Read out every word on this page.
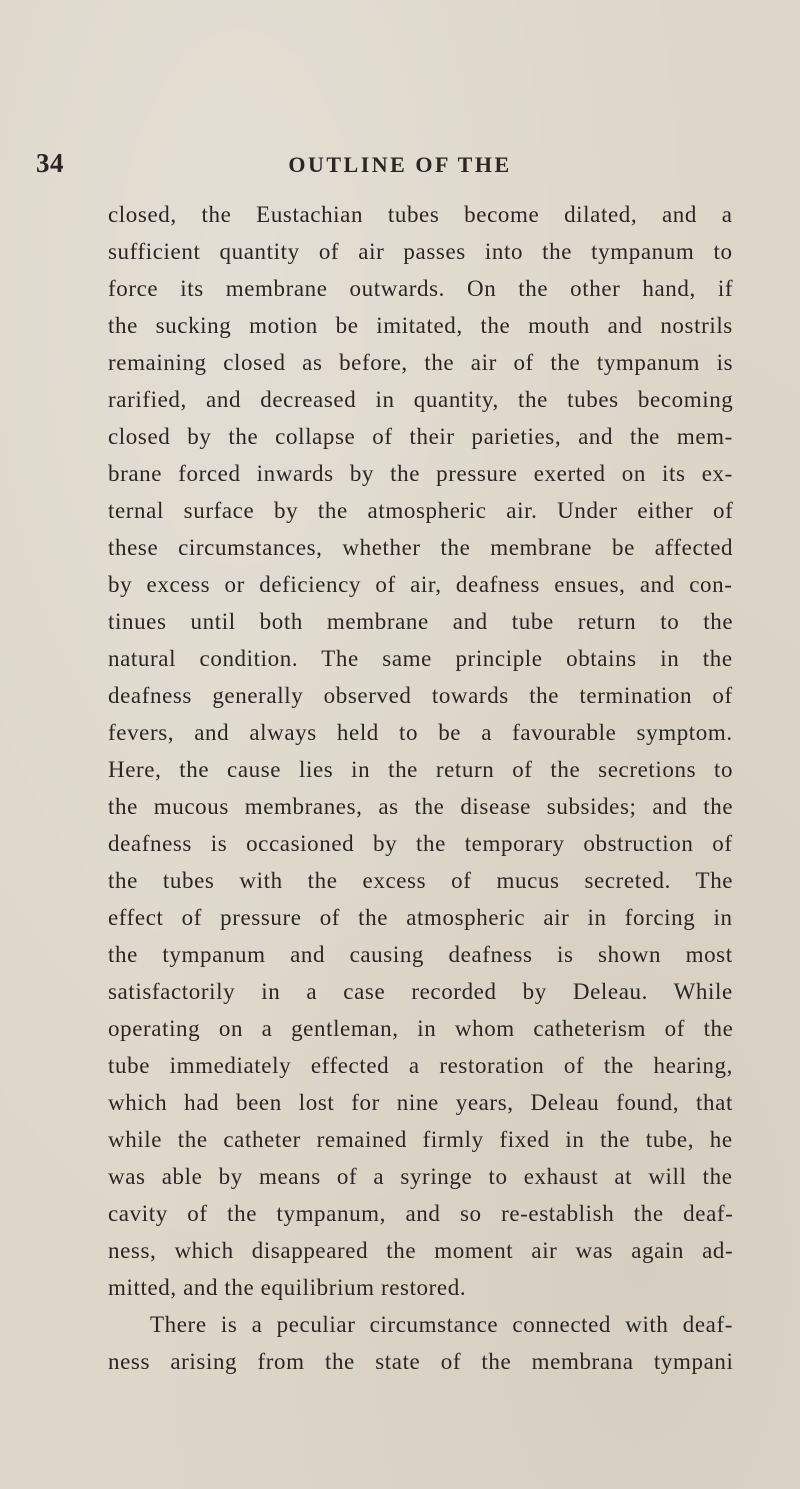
34	OUTLINE OF THE
closed, the Eustachian tubes become dilated, and a
sufficient quantity of air passes into the tympanum to
force its membrane outwards. On the other hand, if
the sucking motion be imitated, the mouth and nostrils
remaining closed as before, the air of the tympanum is
rarified, and decreased in quantity, the tubes becoming
closed by the collapse of their parieties, and the mem-
brane forced inwards by the pressure exerted on its ex-
ternal surface by the atmospheric air. Under either of
these circumstances, whether the membrane be affected
by excess or deficiency of air, deafness ensues, and con-
tinues until both membrane and tube return to the
natural condition. The same principle obtains in the
deafness generally observed towards the termination of
fevers, and always held to be a favourable symptom.
Here, the cause lies in the return of the secretions to
the mucous membranes, as the disease subsides; and the
deafness is occasioned by the temporary obstruction of
the tubes with the excess of mucus secreted. The
effect of pressure of the atmospheric air in forcing in
the tympanum and causing deafness is shown most
satisfactorily in a case recorded by Deleau. While
operating on a gentleman, in whom catheterism of the
tube immediately effected a restoration of the hearing,
which had been lost for nine years, Deleau found, that
while the catheter remained firmly fixed in the tube, he
was able by means of a syringe to exhaust at will the
cavity of the tympanum, and so re-establish the deaf-
ness, which disappeared the moment air was again ad-
mitted, and the equilibrium restored.
There is a peculiar circumstance connected with deaf-
ness arising from the state of the membrana tympani
